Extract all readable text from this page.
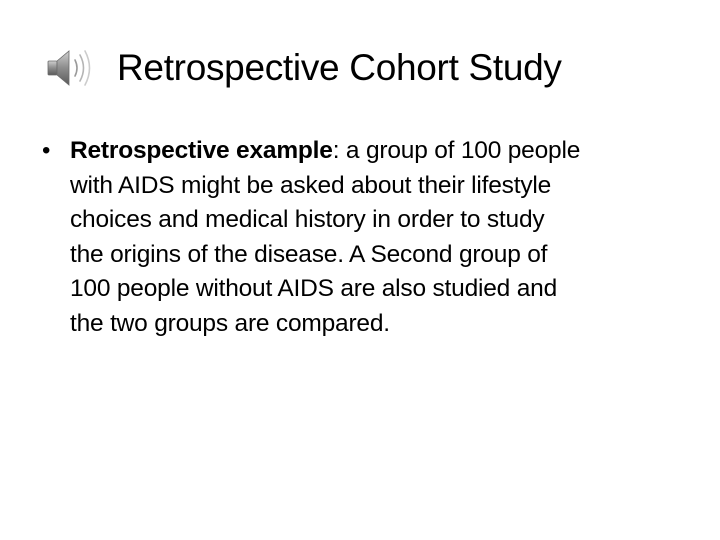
Retrospective Cohort Study
• Retrospective example: a group of 100 people
with AIDS might be asked about their lifestyle
choices and medical history in order to study
the origins of the disease. A Second group of
100 people without AIDS are also studied and
the two groups are compared.
